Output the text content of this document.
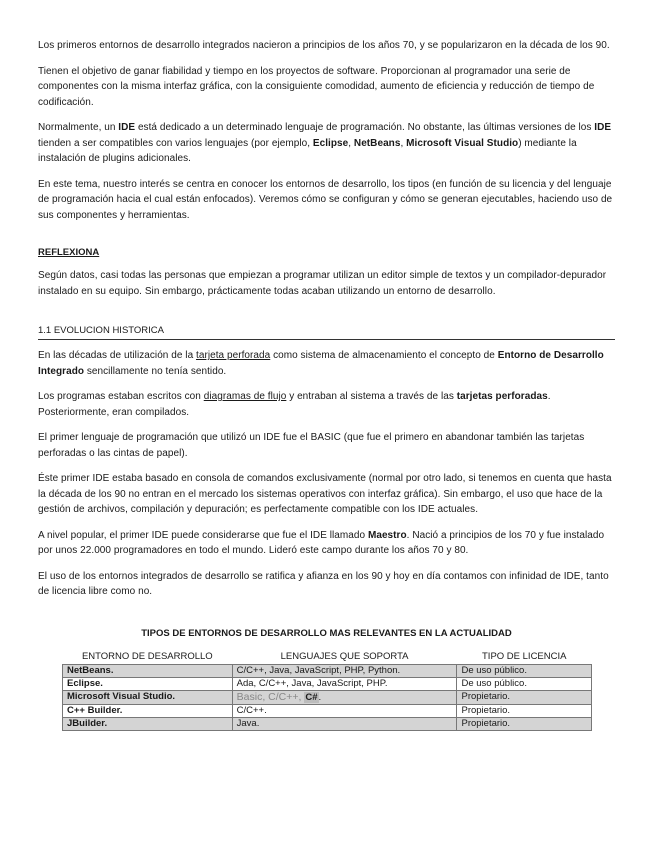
Los primeros entornos de desarrollo integrados nacieron a principios de los años 70, y se popularizaron en la década de los 90.

Tienen el objetivo de ganar fiabilidad y tiempo en los proyectos de software. Proporcionan al programador una serie de componentes con la misma interfaz gráfica, con la consiguiente comodidad, aumento de eficiencia y reducción de tiempo de codificación.

Normalmente, un IDE está dedicado a un determinado lenguaje de programación. No obstante, las últimas versiones de los IDE tienden a ser compatibles con varios lenguajes (por ejemplo, Eclipse, NetBeans, Microsoft Visual Studio) mediante la instalación de plugins adicionales.

En este tema, nuestro interés se centra en conocer los entornos de desarrollo, los tipos (en función de su licencia y del lenguaje de programación hacia el cual están enfocados). Veremos cómo se configuran y cómo se generan ejecutables, haciendo uso de sus componentes y herramientas.

REFLEXIONA

Según datos, casi todas las personas que empiezan a programar utilizan un editor simple de textos y un compilador-depurador instalado en su equipo. Sin embargo, prácticamente todas acaban utilizando un entorno de desarrollo.

1.1 EVOLUCION HISTORICA

En las décadas de utilización de la tarjeta perforada como sistema de almacenamiento el concepto de Entorno de Desarrollo Integrado sencillamente no tenía sentido.

Los programas estaban escritos con diagramas de flujo y entraban al sistema a través de las tarjetas perforadas. Posteriormente, eran compilados.

El primer lenguaje de programación que utilizó un IDE fue el BASIC (que fue el primero en abandonar también las tarjetas perforadas o las cintas de papel).

Éste primer IDE estaba basado en consola de comandos exclusivamente (normal por otro lado, si tenemos en cuenta que hasta la década de los 90 no entran en el mercado los sistemas operativos con interfaz gráfica). Sin embargo, el uso que hace de la gestión de archivos, compilación y depuración; es perfectamente compatible con los IDE actuales.

A nivel popular, el primer IDE puede considerarse que fue el IDE llamado Maestro. Nació a principios de los 70 y fue instalado por unos 22.000 programadores en todo el mundo. Lideró este campo durante los años 70 y 80.

El uso de los entornos integrados de desarrollo se ratifica y afianza en los 90 y hoy en día contamos con infinidad de IDE, tanto de licencia libre como no.

TIPOS DE ENTORNOS DE DESARROLLO MAS RELEVANTES EN LA ACTUALIDAD
ENTORNO DE DESARROLLO	LENGUAJES QUE SOPORTA	TIPO DE LICENCIA
NetBeans.	C/C++, Java, JavaScript, PHP, Python.	De uso público.
Eclipse.	Ada, C/C++, Java, JavaScript, PHP.	De uso público.
Microsoft Visual Studio.	Basic, C/C++, C#.	Propietario.
C++ Builder.	C/C++.	Propietario.
JBuilder.	Java.	Propietario.
